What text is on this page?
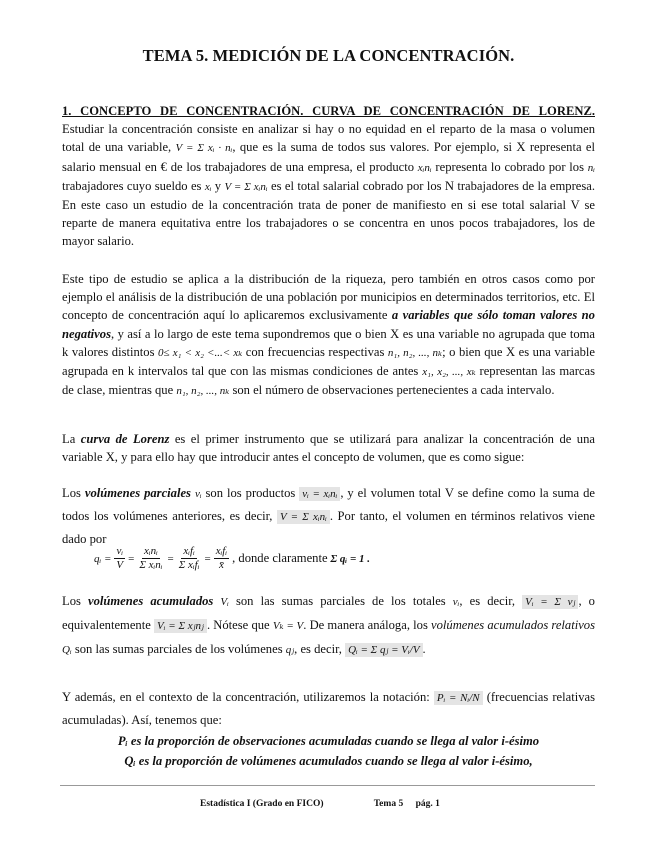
TEMA 5. MEDICIÓN DE LA CONCENTRACIÓN.
1. CONCEPTO DE CONCENTRACIÓN. CURVA DE CONCENTRACIÓN DE LORENZ. Estudiar la concentración consiste en analizar si hay o no equidad en el reparto de la masa o volumen total de una variable, V = Σ xᵢ · nᵢ, que es la suma de todos sus valores. Por ejemplo, si X representa el salario mensual en € de los trabajadores de una empresa, el producto xᵢnᵢ representa lo cobrado por los nᵢ trabajadores cuyo sueldo es xᵢ y V = Σ xᵢnᵢ es el total salarial cobrado por los N trabajadores de la empresa. En este caso un estudio de la concentración trata de poner de manifiesto en si ese total salarial V se reparte de manera equitativa entre los trabajadores o se concentra en unos pocos trabajadores, los de mayor salario.
Este tipo de estudio se aplica a la distribución de la riqueza, pero también en otros casos como por ejemplo el análisis de la distribución de una población por municipios en determinados territorios, etc. El concepto de concentración aquí lo aplicaremos exclusivamente a variables que sólo toman valores no negativos, y así a lo largo de este tema supondremos que o bien X es una variable no agrupada que toma k valores distintos 0≤ x₁ < x₂ <...< xₖ con frecuencias respectivas n₁, n₂, ..., nₖ; o bien que X es una variable agrupada en k intervalos tal que con las mismas condiciones de antes x₁, x₂, ..., xₖ representan las marcas de clase, mientras que n₁, n₂, ..., nₖ son el número de observaciones pertenecientes a cada intervalo.
La curva de Lorenz es el primer instrumento que se utilizará para analizar la concentración de una variable X, y para ello hay que introducir antes el concepto de volumen, que es como sigue:
Los volúmenes parciales vᵢ son los productos vᵢ = xᵢnᵢ , y el volumen total V se define como la suma de todos los volúmenes anteriores, es decir, V = Σ xᵢnᵢ . Por tanto, el volumen en términos relativos viene dado por
qᵢ = $\frac{\text{vᵢ}}{V} = \frac{\text{xᵢnᵢ}}{\text{Σ xᵢnᵢ}} = \frac{\text{xᵢfᵢ}}{\text{Σ xᵢfᵢ}} = \frac{\text{xᵢfᵢ}}{x̄}$ , donde claramente
Σ qᵢ = 1 .
Los volúmenes acumulados Vᵢ son las sumas parciales de los totales vᵢ, es decir, Vᵢ = Σ vⱼ , o equivalentemente Vᵢ = Σ xⱼnⱼ . Nótese que Vₖ = V. De manera análoga, los volúmenes acumulados relativos Qᵢ son las sumas parciales de los volúmenes qⱼ, es decir, Qᵢ = Σ qⱼ = Vᵢ/V .
Y además, en el contexto de la concentración, utilizaremos la notación: Pᵢ = Nᵢ/N (frecuencias relativas acumuladas). Así, tenemos que:
Pᵢ es la proporción de observaciones acumuladas cuando se llega al valor i-ésimo
Qᵢ es la proporción de volúmenes acumulados cuando se llega al valor i-ésimo,
Estadística I (Grado en FICO)	Tema 5 pág. 1
